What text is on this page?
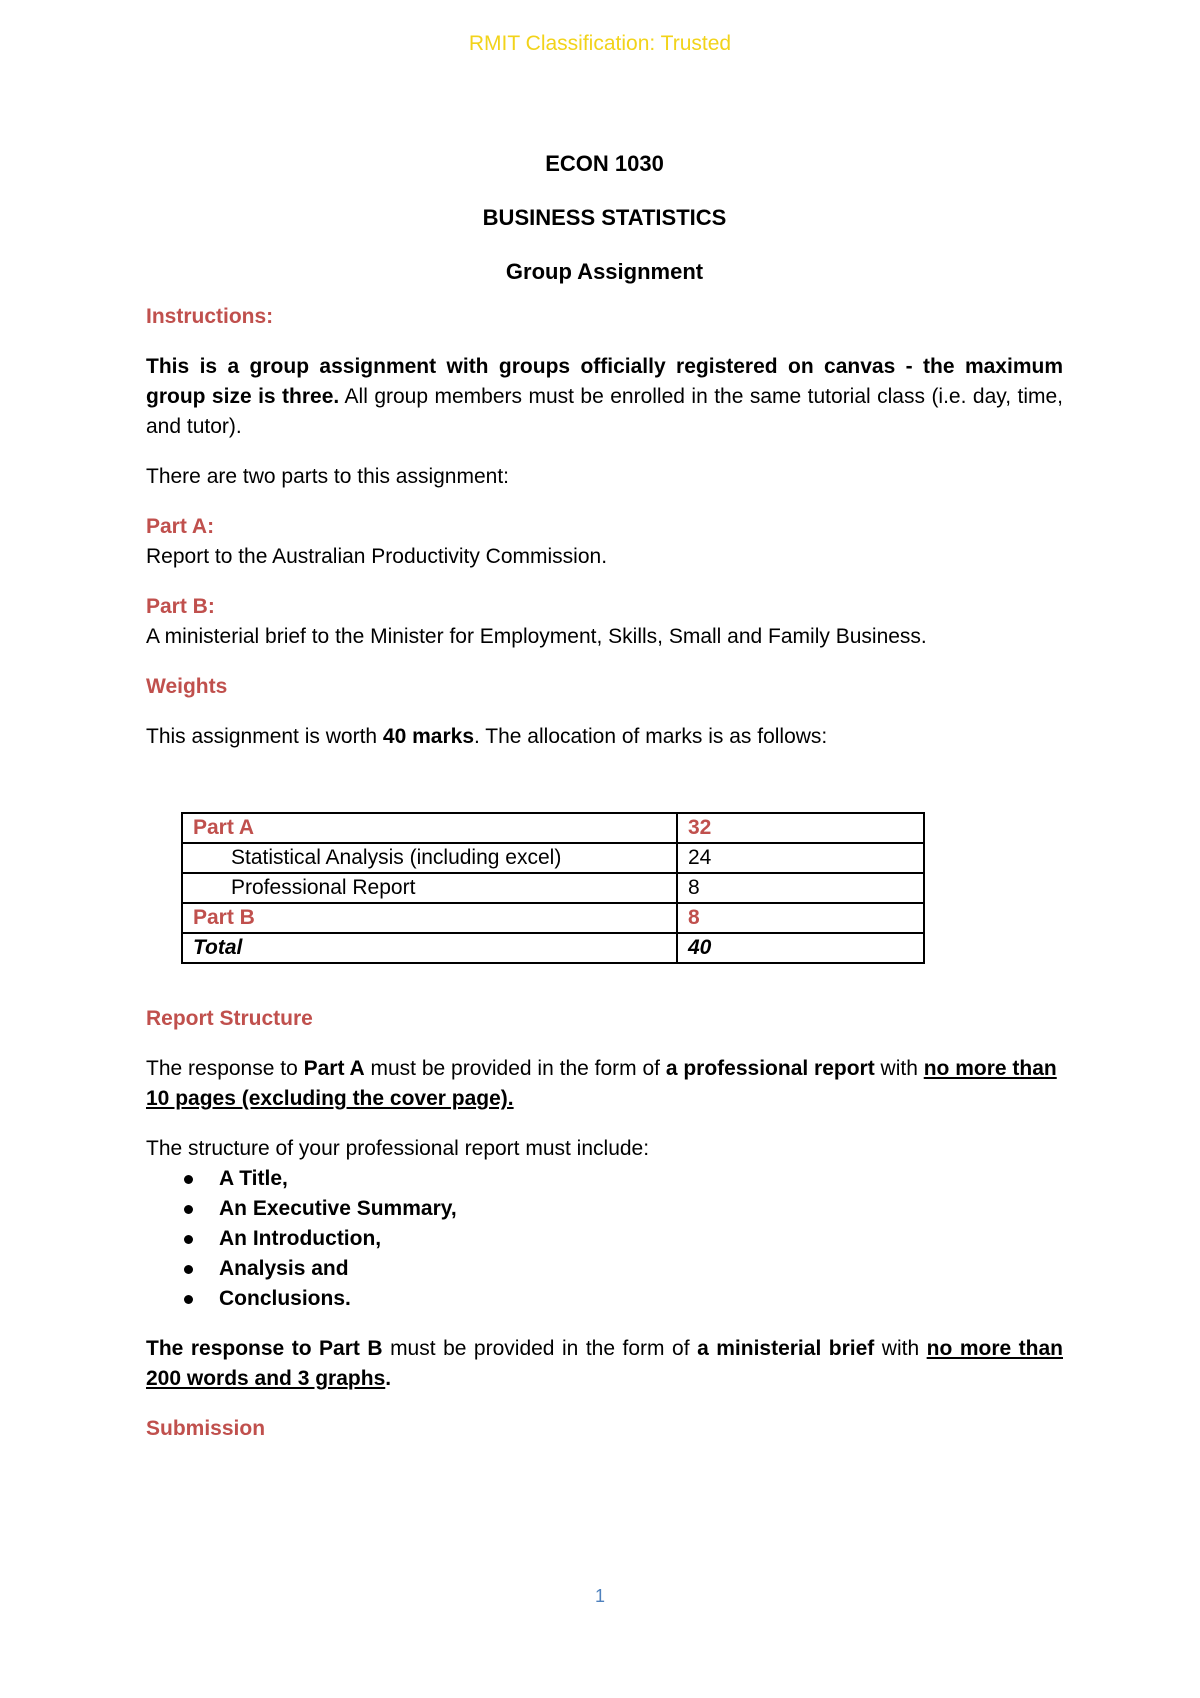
RMIT Classification: Trusted
ECON 1030
BUSINESS STATISTICS
Group Assignment

Instructions:

This is a group assignment with groups officially registered on canvas - the maximum group size is three. All group members must be enrolled in the same tutorial class (i.e. day, time, and tutor).

There are two parts to this assignment:

Part A:

Report to the Australian Productivity Commission.

Part B:

A ministerial brief to the Minister for Employment, Skills, Small and Family Business.

Weights

This assignment is worth 40 marks. The allocation of marks is as follows:

Part A	32
Statistical Analysis (including excel)	24
Professional Report	8
Part B	8
Total	40

Report Structure

The response to Part A must be provided in the form of a professional report with no more than 10 pages (excluding the cover page).

The structure of your professional report must include:

A Title,
An Executive Summary,
An Introduction,
Analysis and
Conclusions.

The response to Part B must be provided in the form of a ministerial brief with no more than 200 words and 3 graphs.

Submission

1
